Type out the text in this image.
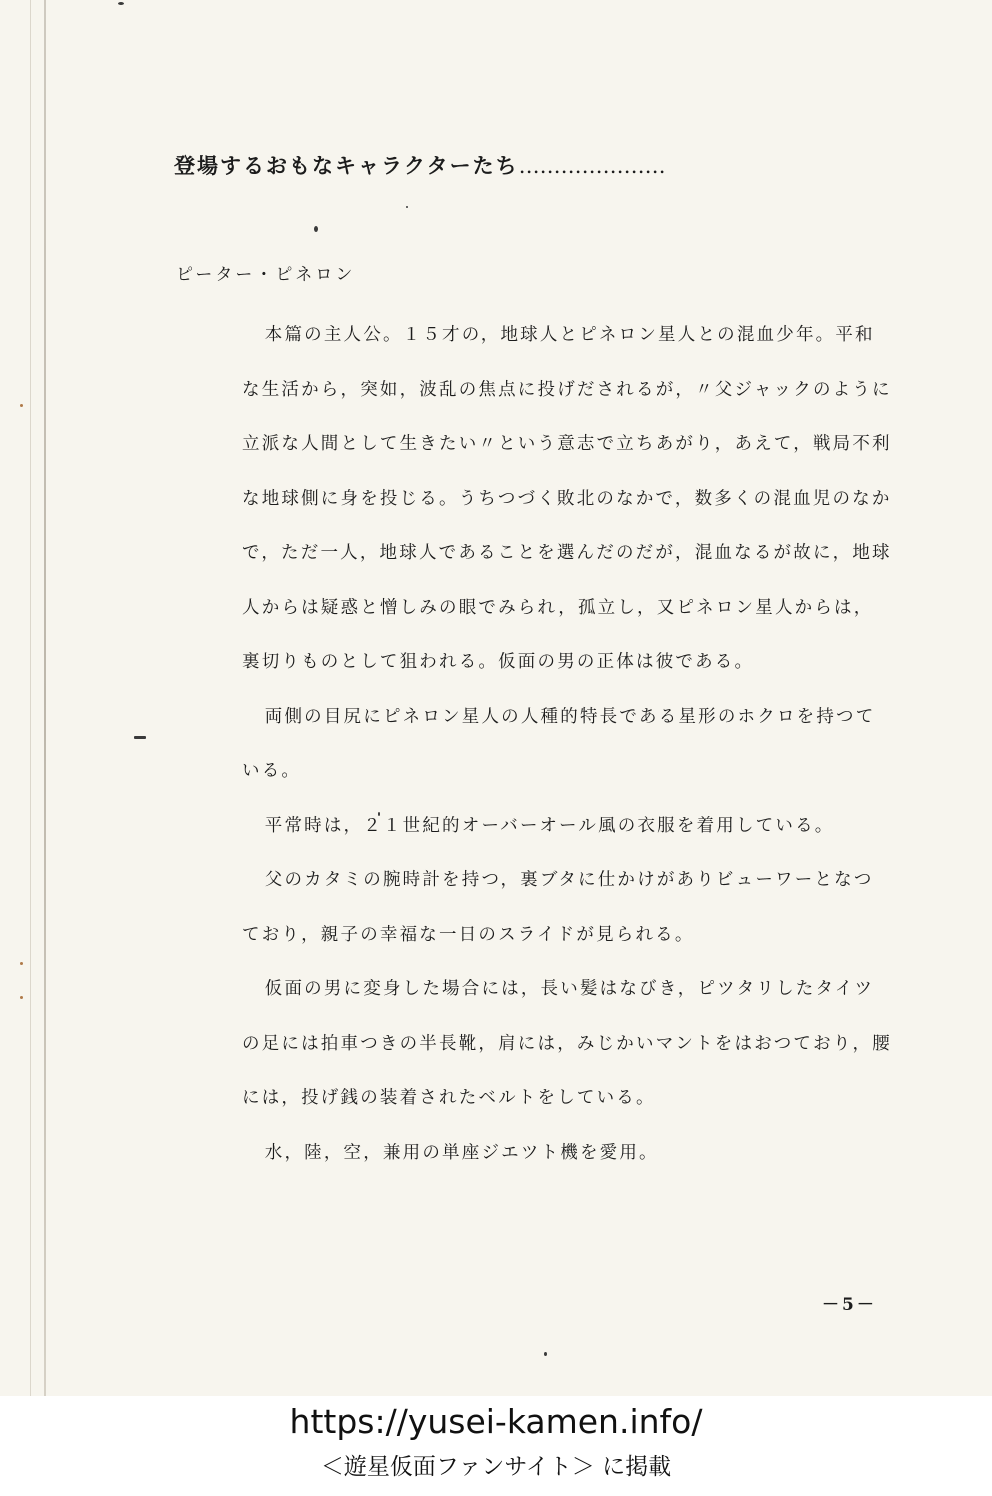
登場するおもなキャラクターたち…………………
ピーター・ピネロン

本篇の主人公。１５才の，地球人とピネロン星人との混血少年。平和な生活から，突如，波乱の焦点に投げだされるが，〃父ジャックのように立派な人間として生きたい〃という意志で立ちあがり，あえて，戦局不利な地球側に身を投じる。うちつづく敗北のなかで，数多くの混血児のなかで，ただ一人，地球人であることを選んだのだが，混血なるが故に，地球人からは疑惑と憎しみの眼でみられ，孤立し，又ピネロン星人からは，裏切りものとして狙われる。仮面の男の正体は彼である。

両側の目尻にピネロン星人の人種的特長である星形のホクロを持つている。

平常時は，２１世紀的オーバーオール風の衣服を着用している。

父のカタミの腕時計を持つ，裏ブタに仕かけがありビューワーとなつており，親子の幸福な一日のスライドが見られる。

仮面の男に変身した場合には，長い髪はなびき，ピツタリしたタイツの足には拍車つきの半長靴，肩には，みじかいマントをはおつており，腰には，投げ銭の装着されたベルトをしている。

水，陸，空，兼用の単座ジエツト機を愛用。

－5－
https://yusei-kamen.info/
＜遊星仮面ファンサイト＞ に掲載
